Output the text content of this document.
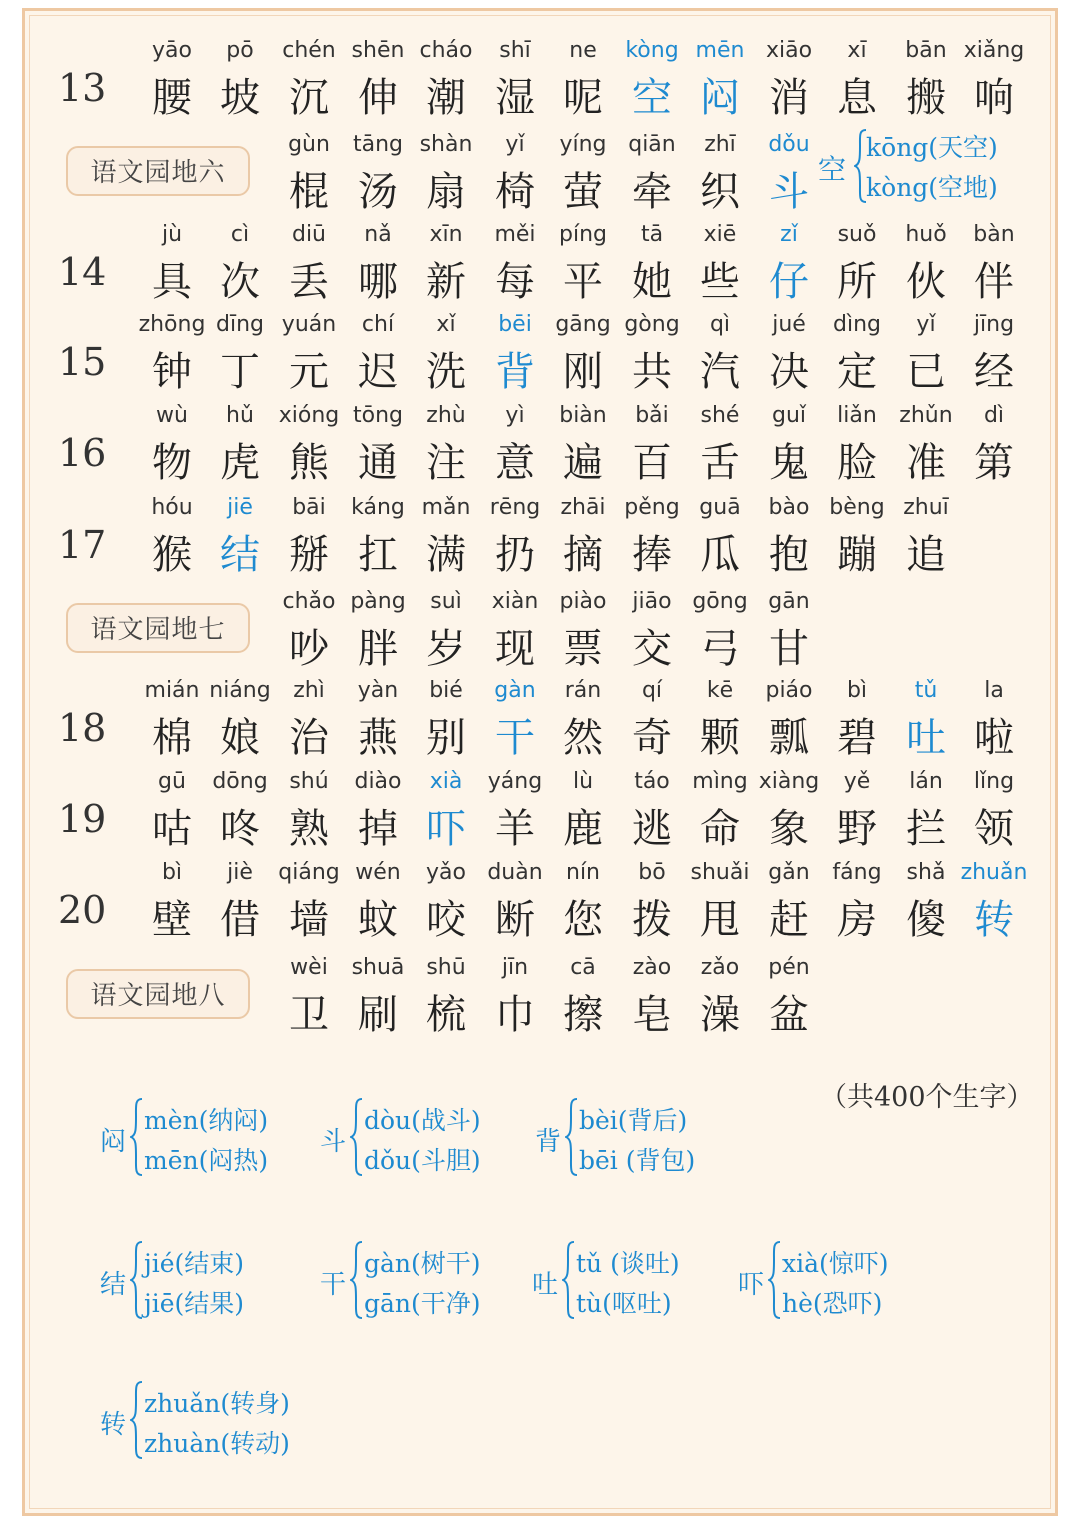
13
yāo
腰
pō
坡
chén
沉
shēn
伸
cháo
潮
shī
湿
ne
呢
kòng
空
mēn
闷
xiāo
消
xī
息
bān
搬
xiǎng
响
语文园地六
gùn
棍
tāng
汤
shàn
扇
yǐ
椅
yíng
萤
qiān
牵
zhī
织
dǒu
斗
14
jù
具
cì
次
diū
丢
nǎ
哪
xīn
新
měi
每
píng
平
tā
她
xiē
些
zǐ
仔
suǒ
所
huǒ
伙
bàn
伴
15
zhōng
钟
dīng
丁
yuán
元
chí
迟
xǐ
洗
bēi
背
gāng
刚
gòng
共
qì
汽
jué
决
dìng
定
yǐ
已
jīng
经
16
wù
物
hǔ
虎
xióng
熊
tōng
通
zhù
注
yì
意
biàn
遍
bǎi
百
shé
舌
guǐ
鬼
liǎn
脸
zhǔn
准
dì
第
17
hóu
猴
jiē
结
bāi
掰
káng
扛
mǎn
满
rēng
扔
zhāi
摘
pěng
捧
guā
瓜
bào
抱
bèng
蹦
zhuī
追
语文园地七
chǎo
吵
pàng
胖
suì
岁
xiàn
现
piào
票
jiāo
交
gōng
弓
gān
甘
18
mián
棉
niáng
娘
zhì
治
yàn
燕
bié
别
gàn
干
rán
然
qí
奇
kē
颗
piáo
瓢
bì
碧
tǔ
吐
la
啦
19
gū
咕
dōng
咚
shú
熟
diào
掉
xià
吓
yáng
羊
lù
鹿
táo
逃
mìng
命
xiàng
象
yě
野
lán
拦
lǐng
领
20
bì
壁
jiè
借
qiáng
墙
wén
蚊
yǎo
咬
duàn
断
nín
您
bō
拨
shuǎi
甩
gǎn
赶
fáng
房
shǎ
傻
zhuǎn
转
语文园地八
wèi
卫
shuā
刷
shū
梳
jīn
巾
cā
擦
zào
皂
zǎo
澡
pén
盆
空
kōng(天空)
kòng(空地)
（共400个生字）
闷
mèn(纳闷)
mēn(闷热)
斗
dòu(战斗)
dǒu(斗胆)
背
bèi(背后)
bēi (背包)
结
jié(结束)
jiē(结果)
干
gàn(树干)
gān(干净)
吐
tǔ (谈吐)
tù(呕吐)
吓
xià(惊吓)
hè(恐吓)
转
zhuǎn(转身)
zhuàn(转动)
